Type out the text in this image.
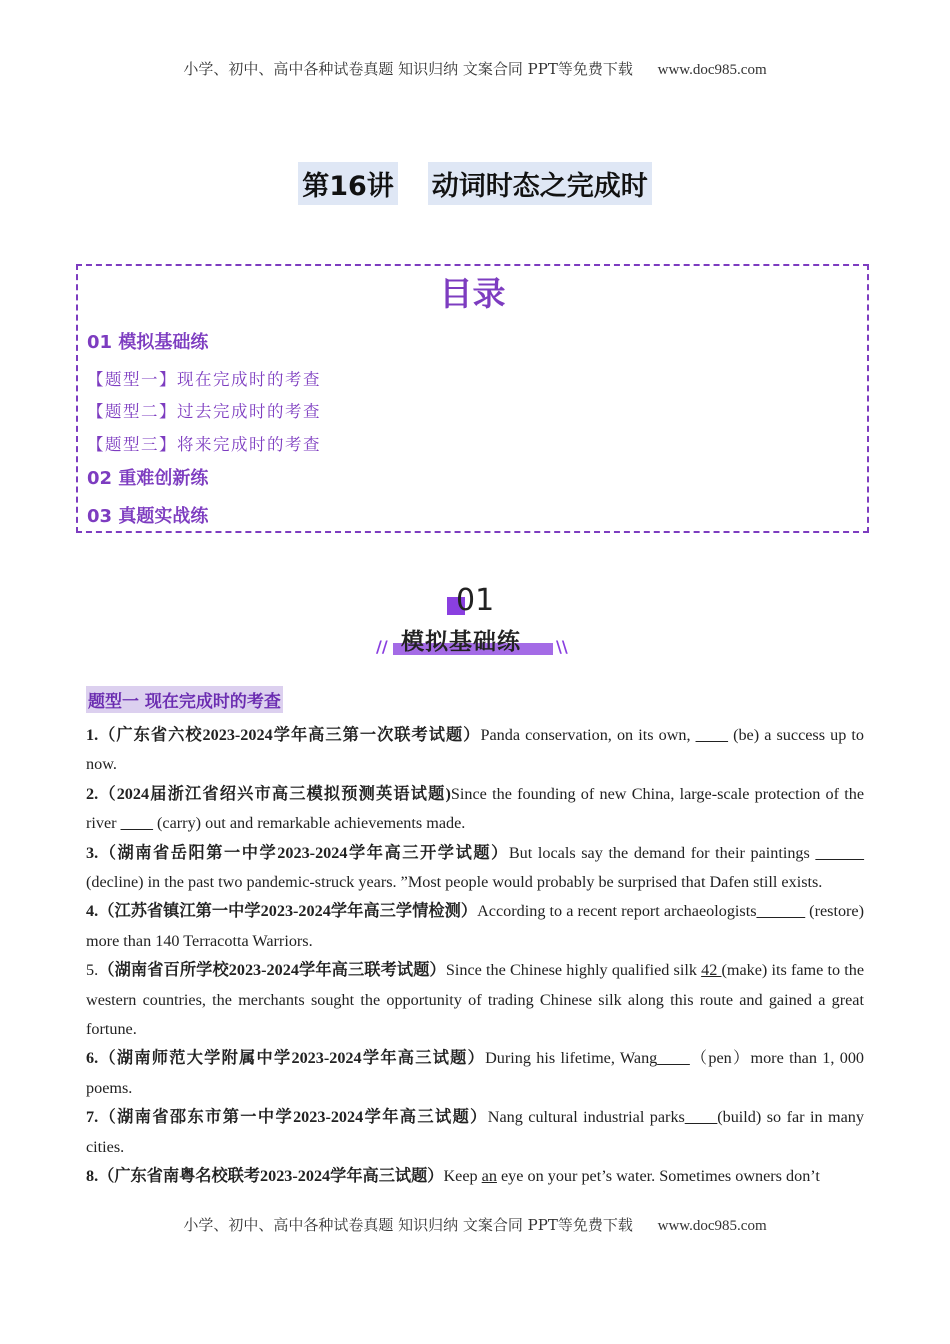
小学、初中、高中各种试卷真题 知识归纳 文案合同 PPT等免费下载 www.doc985.com
第16讲 动词时态之完成时
目录
01 模拟基础练
【题型一】现在完成时的考查
【题型二】过去完成时的考查
【题型三】将来完成时的考查
02 重难创新练
03 真题实战练
01
模拟基础练
//	\\
题型一 现在完成时的考查

1.（广东省六校2023-2024学年高三第一次联考试题）Panda conservation, on its own, ____ (be) a success up to now.

2.（2024届浙江省绍兴市高三模拟预测英语试题)Since the founding of new China, large-scale protection of the river ____ (carry) out and remarkable achievements made.

3.（湖南省岳阳第一中学2023-2024学年高三开学试题）But locals say the demand for their paintings ______ (decline) in the past two pandemic-struck years. ”Most people would probably be surprised that Dafen still exists.

4.（江苏省镇江第一中学2023-2024学年高三学情检测）According to a recent report archaeologists______ (restore) more than 140 Terracotta Warriors.

5.（湖南省百所学校2023-2024学年高三联考试题）Since the Chinese highly qualified silk 42 (make) its fame to the western countries, the merchants sought the opportunity of trading Chinese silk along this route and gained a great fortune.

6.（湖南师范大学附属中学2023-2024学年高三试题）During his lifetime, Wang____（pen）more than 1, 000 poems.

7.（湖南省邵东市第一中学2023-2024学年高三试题）Nang cultural industrial parks____(build) so far in many cities.

8.（广东省南粤名校联考2023-2024学年高三试题）Keep an eye on your pet’s water. Sometimes owners don’t

小学、初中、高中各种试卷真题 知识归纳 文案合同 PPT等免费下载 www.doc985.com
